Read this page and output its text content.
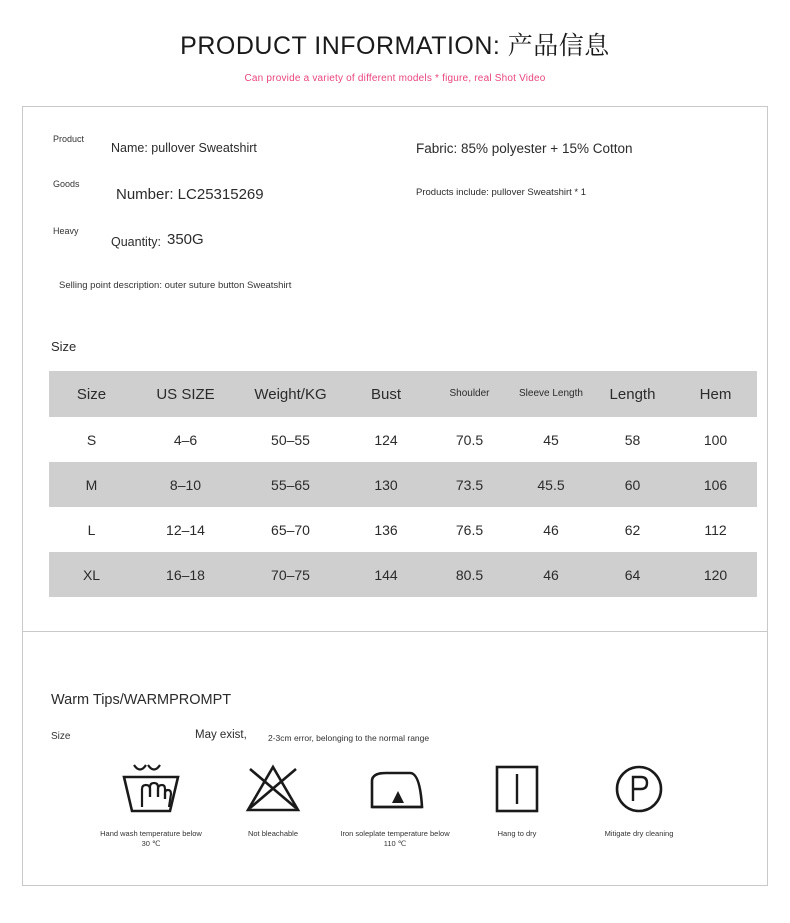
PRODUCT INFORMATION: 产品信息
Can provide a variety of different models * figure, real Shot Video
Product
Goods
Heavy
Name: pullover Sweatshirt
Number: LC25315269
Quantity: 350G
Fabric: 85% polyester + 15% Cotton
Products include: pullover Sweatshirt * 1
Selling point description: outer suture button Sweatshirt
Size
Size	US SIZE	Weight/KG	Bust	Shoulder	Sleeve Length	Length	Hem
S	4–6	50–55	124	70.5	45	58	100
M	8–10	55–65	130	73.5	45.5	60	106
L	12–14	65–70	136	76.5	46	62	112
XL	16–18	70–75	144	80.5	46	64	120
Warm Tips/WARMPROMPT
Size	May exist, 2-3cm error, belonging to the normal range
Hand wash temperature below 30 ℃
Not bleachable	Iron soleplate temperature below 110 ℃
Hang to dry	Mitigate dry cleaning
